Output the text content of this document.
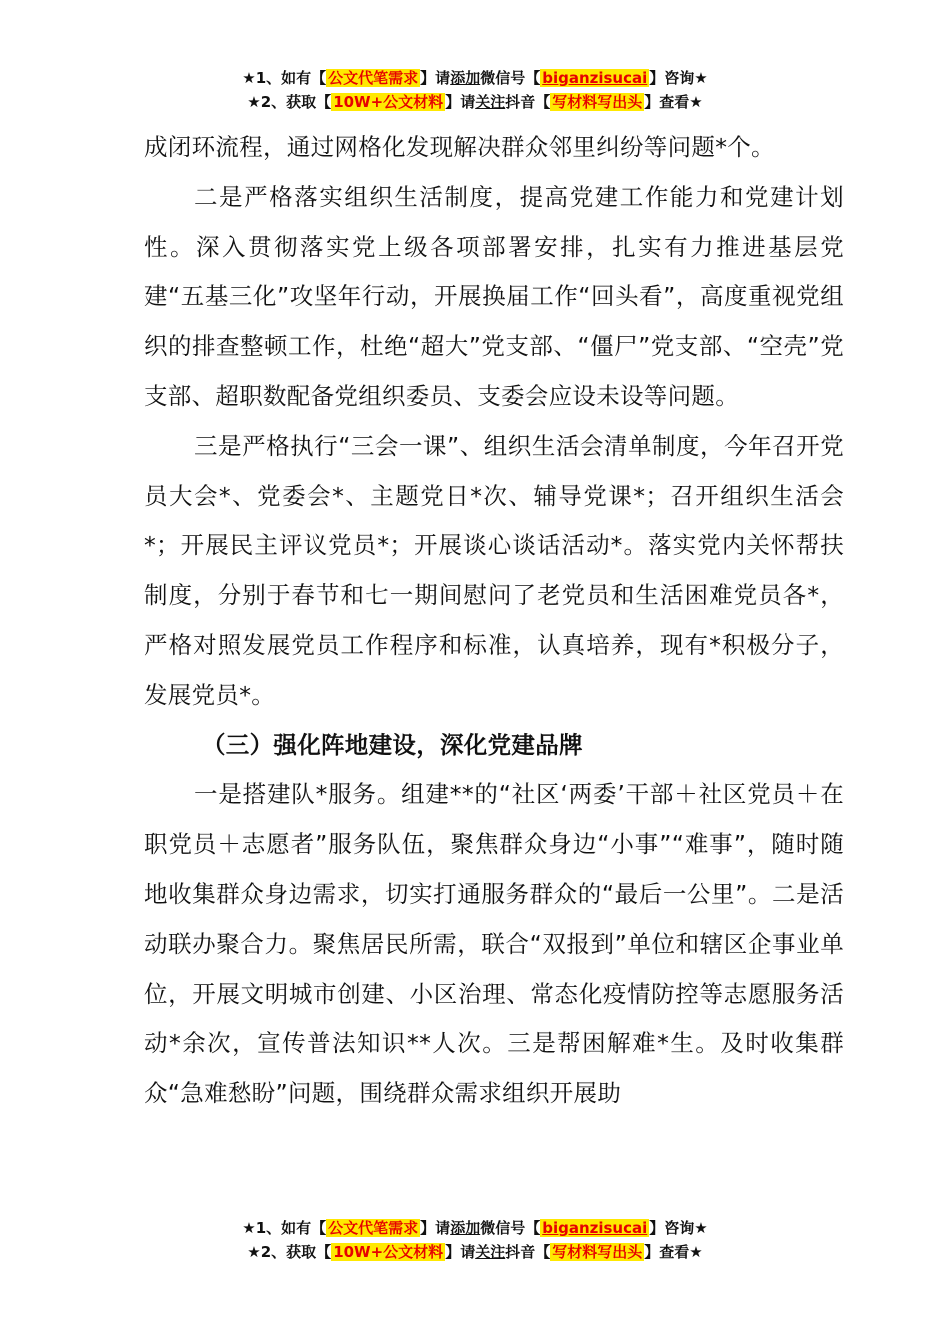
★1、如有【 公文代笔需求 】请添加微信号【 biganzisucai 】咨询★
★2、获取【 10W+公文材料 】请关注抖音【 写材料写出头 】查看★

成闭环流程，通过网格化发现解决群众邻里纠纷等问题*个。

二是严格落实组织生活制度，提高党建工作能力和党建计划性。深入贯彻落实党上级各项部署安排，扎实有力推进基层党建“五基三化”攻坚年行动，开展换届工作“回头看”，高度重视党组织的排查整顿工作，杜绝“超大”党支部、“僵尸”党支部、“空壳”党支部、超职数配备党组织委员、支委会应设未设等问题。

三是严格执行“三会一课”、组织生活会清单制度，今年召开党员大会*、党委会*、主题党日*次、辅导党课*；召开组织生活会*；开展民主评议党员*；开展谈心谈话活动*。落实党内关怀帮扶制度，分别于春节和七一期间慰问了老党员和生活困难党员各*，严格对照发展党员工作程序和标准，认真培养，现有*积极分子，发展党员*。

（三）强化阵地建设，深化党建品牌

一是搭建队*服务。组建**的“社区‘两委’干部＋社区党员＋在职党员＋志愿者”服务队伍，聚焦群众身边“小事”“难事”，随时随地收集群众身边需求，切实打通服务群众的“最后一公里”。二是活动联办聚合力。聚焦居民所需，联合“双报到”单位和辖区企事业单位，开展文明城市创建、小区治理、常态化疫情防控等志愿服务活动*余次，宣传普法知识**人次。三是帮困解难*生。及时收集群众“急难愁盼”问题，围绕群众需求组织开展助

★1、如有【 公文代笔需求 】请添加微信号【 biganzisucai 】咨询★
★2、获取【 10W+公文材料 】请关注抖音【 写材料写出头 】查看★
